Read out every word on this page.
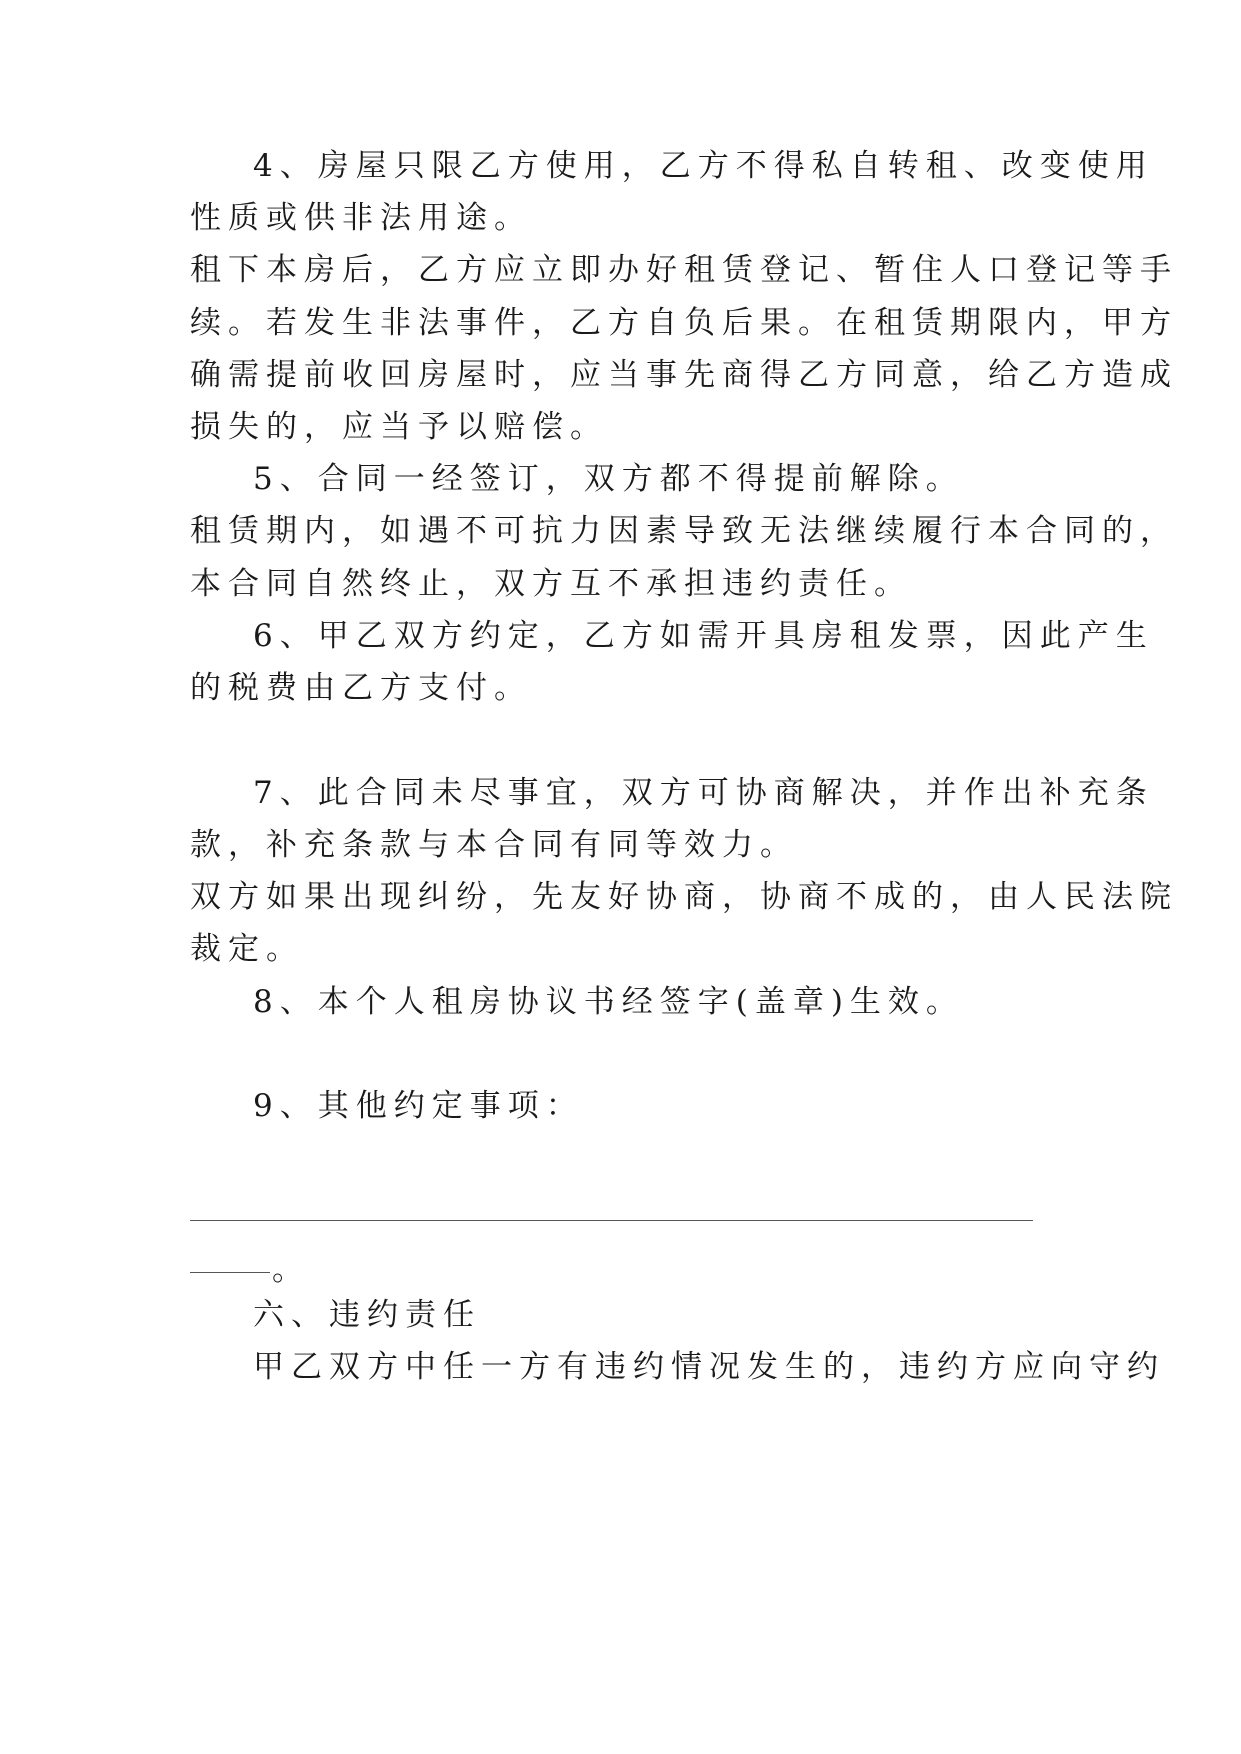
4、房屋只限乙方使用，乙方不得私自转租、改变使用
性质或供非法用途。
租下本房后，乙方应立即办好租赁登记、暂住人口登记等手
续。若发生非法事件，乙方自负后果。在租赁期限内，甲方
确需提前收回房屋时，应当事先商得乙方同意，给乙方造成
损失的，应当予以赔偿。
5、合同一经签订，双方都不得提前解除。
租赁期内，如遇不可抗力因素导致无法继续履行本合同的，
本合同自然终止，双方互不承担违约责任。
6、甲乙双方约定，乙方如需开具房租发票，因此产生
的税费由乙方支付。
7、此合同未尽事宜，双方可协商解决，并作出补充条
款，补充条款与本合同有同等效力。
双方如果出现纠纷，先友好协商，协商不成的，由人民法院
裁定。
8、本个人租房协议书经签字(盖章)生效。
9、其他约定事项：
。
六、违约责任
甲乙双方中任一方有违约情况发生的，违约方应向守约
